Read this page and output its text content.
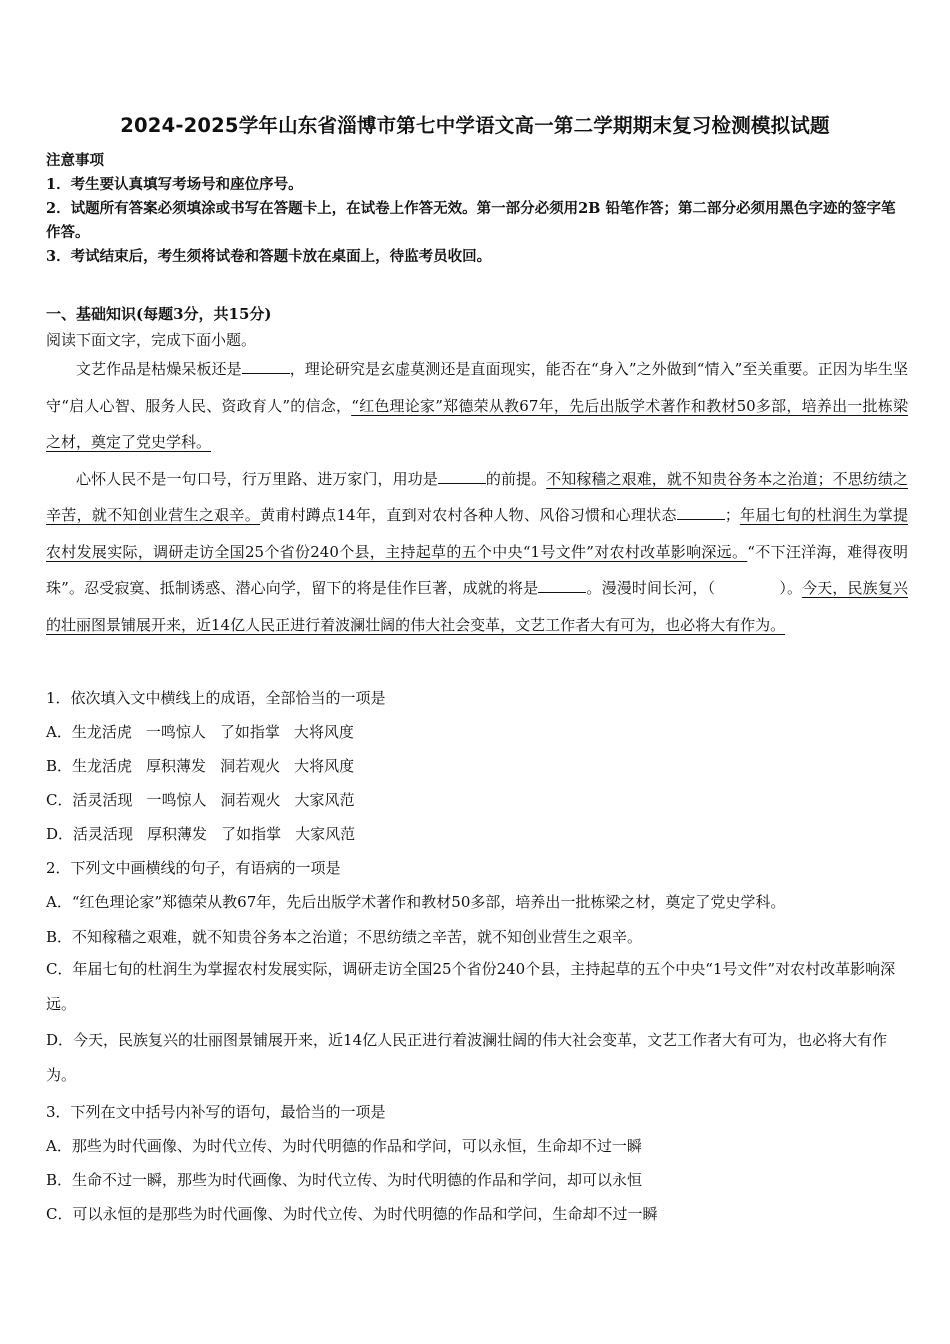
2024-2025学年山东省淄博市第七中学语文高一第二学期期末复习检测模拟试题
注意事项
1．考生要认真填写考场号和座位序号。
2．试题所有答案必须填涂或书写在答题卡上，在试卷上作答无效。第一部分必须用2B 铅笔作答；第二部分必须用黑色字迹的签字笔作答。
3．考试结束后，考生须将试卷和答题卡放在桌面上，待监考员收回。
一、基础知识(每题3分，共15分)
阅读下面文字，完成下面小题。

文艺作品是枯燥呆板还是	，理论研究是玄虚莫测还是直面现实，能否在“身入”之外做到“情入”至关重要。正因为毕生坚守“启人心智、服务人民、资政育人”的信念，“红色理论家”郑德荣从教67年，先后出版学术著作和教材50多部，培养出一批栋梁之材，奠定了党史学科。

心怀人民不是一句口号，行万里路、进万家门，用功是	的前提。不知稼穑之艰难，就不知贵谷务本之治道；不思纺绩之辛苦，就不知创业营生之艰辛。黄甫村蹲点14年，直到对农村各种人物、风俗习惯和心理状态	；年届七旬的杜润生为掌提农村发展实际，调研走访全国25个省份240个县，主持起草的五个中央“1号文件”对农村改革影响深远。“不下汪洋海，难得夜明珠”。忍受寂寞、抵制诱惑、潜心向学，留下的将是佳作巨著，成就的将是	。漫漫时间长河，（	）。今天，民族复兴的壮丽图景铺展开来，近14亿人民正进行着波澜壮阔的伟大社会变革，文艺工作者大有可为，也必将大有作为。

1．依次填入文中横线上的成语，全部恰当的一项是
A．生龙活虎 一鸣惊人 了如指掌 大将风度
B．生龙活虎 厚积薄发 洞若观火 大将风度
C．活灵活现 一鸣惊人 洞若观火 大家风范
D．活灵活现 厚积薄发 了如指掌 大家风范
2．下列文中画横线的句子，有语病的一项是
A．“红色理论家”郑德荣从教67年，先后出版学术著作和教材50多部，培养出一批栋梁之材，奠定了党史学科。
B．不知稼穑之艰难，就不知贵谷务本之治道；不思纺绩之辛苦，就不知创业营生之艰辛。
C．年届七旬的杜润生为掌握农村发展实际，调研走访全国25个省份240个县，主持起草的五个中央“1号文件”对农村改革影响深远。
D．今天，民族复兴的壮丽图景铺展开来，近14亿人民正进行着波澜壮阔的伟大社会变革，文艺工作者大有可为，也必将大有作为。
3．下列在文中括号内补写的语句，最恰当的一项是
A．那些为时代画像、为时代立传、为时代明德的作品和学问，可以永恒，生命却不过一瞬
B．生命不过一瞬，那些为时代画像、为时代立传、为时代明德的作品和学问，却可以永恒
C．可以永恒的是那些为时代画像、为时代立传、为时代明德的作品和学问，生命却不过一瞬
